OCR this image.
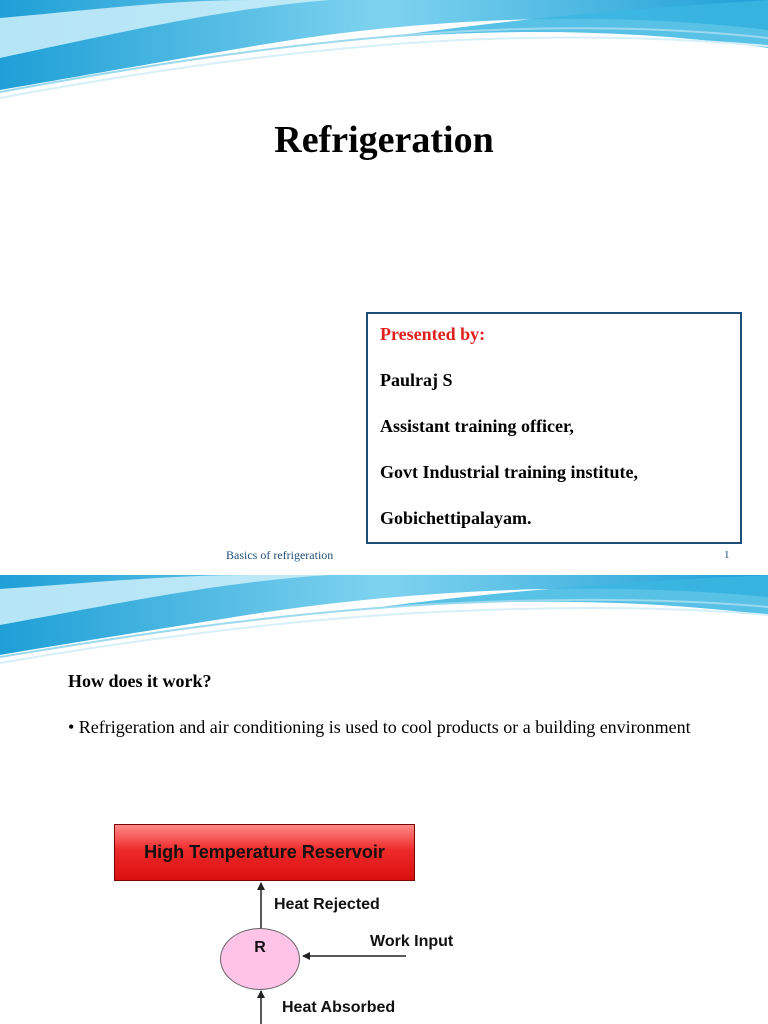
Refrigeration
Presented by:
Paulraj S
Assistant training officer,
Govt Industrial training institute,
Gobichettipalayam.
Basics of refrigeration	1
How does it work?
• Refrigeration and air conditioning is used to cool products or a building environment
High Temperature Reservoir
Heat Rejected
R	Work Input
Heat Absorbed
